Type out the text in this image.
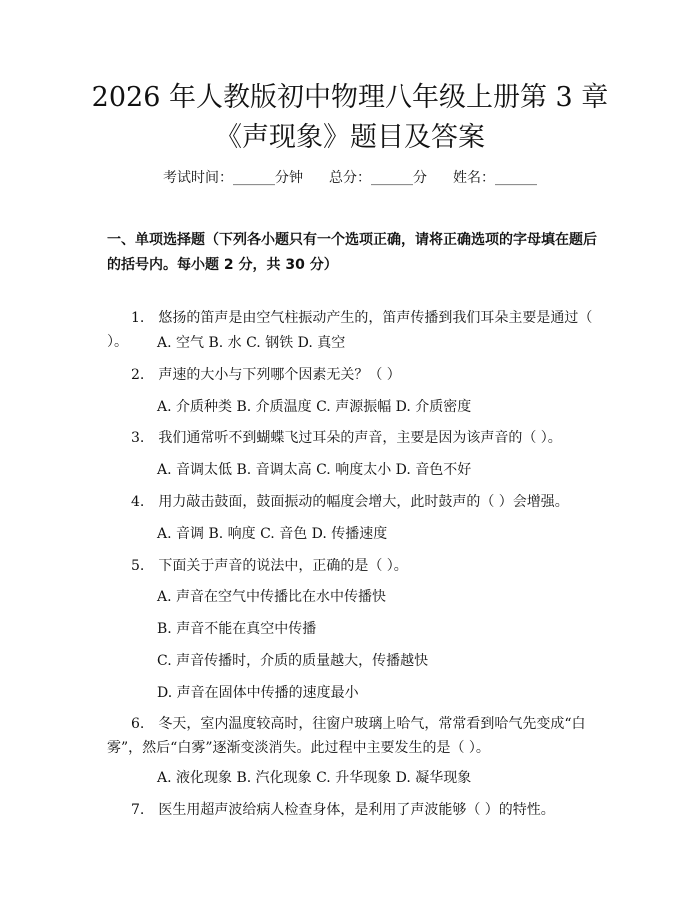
2026 年人教版初中物理八年级上册第 3 章
《声现象》题目及答案
考试时间：______分钟 总分：______分 姓名：______

一、单项选择题（下列各小题只有一个选项正确，请将正确选项的字母填在题后的括号内。每小题 2 分，共 30 分）

1.　悠扬的笛声是由空气柱振动产生的，笛声传播到我们耳朵主要是通过（ ）。	A. 空气 B. 水 C. 钢铁 D. 真空

2.　声速的大小与下列哪个因素无关？（ ）

A. 介质种类 B. 介质温度 C. 声源振幅 D. 介质密度

3.　我们通常听不到蝴蝶飞过耳朵的声音，主要是因为该声音的（ ）。

A. 音调太低 B. 音调太高 C. 响度太小 D. 音色不好

4.　用力敲击鼓面，鼓面振动的幅度会增大，此时鼓声的（ ）会增强。

A. 音调 B. 响度 C. 音色 D. 传播速度

5.　下面关于声音的说法中，正确的是（ ）。

A. 声音在空气中传播比在水中传播快

B. 声音不能在真空中传播

C. 声音传播时，介质的质量越大，传播越快

D. 声音在固体中传播的速度最小

6.　冬天，室内温度较高时，往窗户玻璃上哈气，常常看到哈气先变成“白雾”，然后“白雾”逐渐变淡消失。此过程中主要发生的是（ ）。

A. 液化现象 B. 汽化现象 C. 升华现象 D. 凝华现象

7.　医生用超声波给病人检查身体，是利用了声波能够（ ）的特性。
